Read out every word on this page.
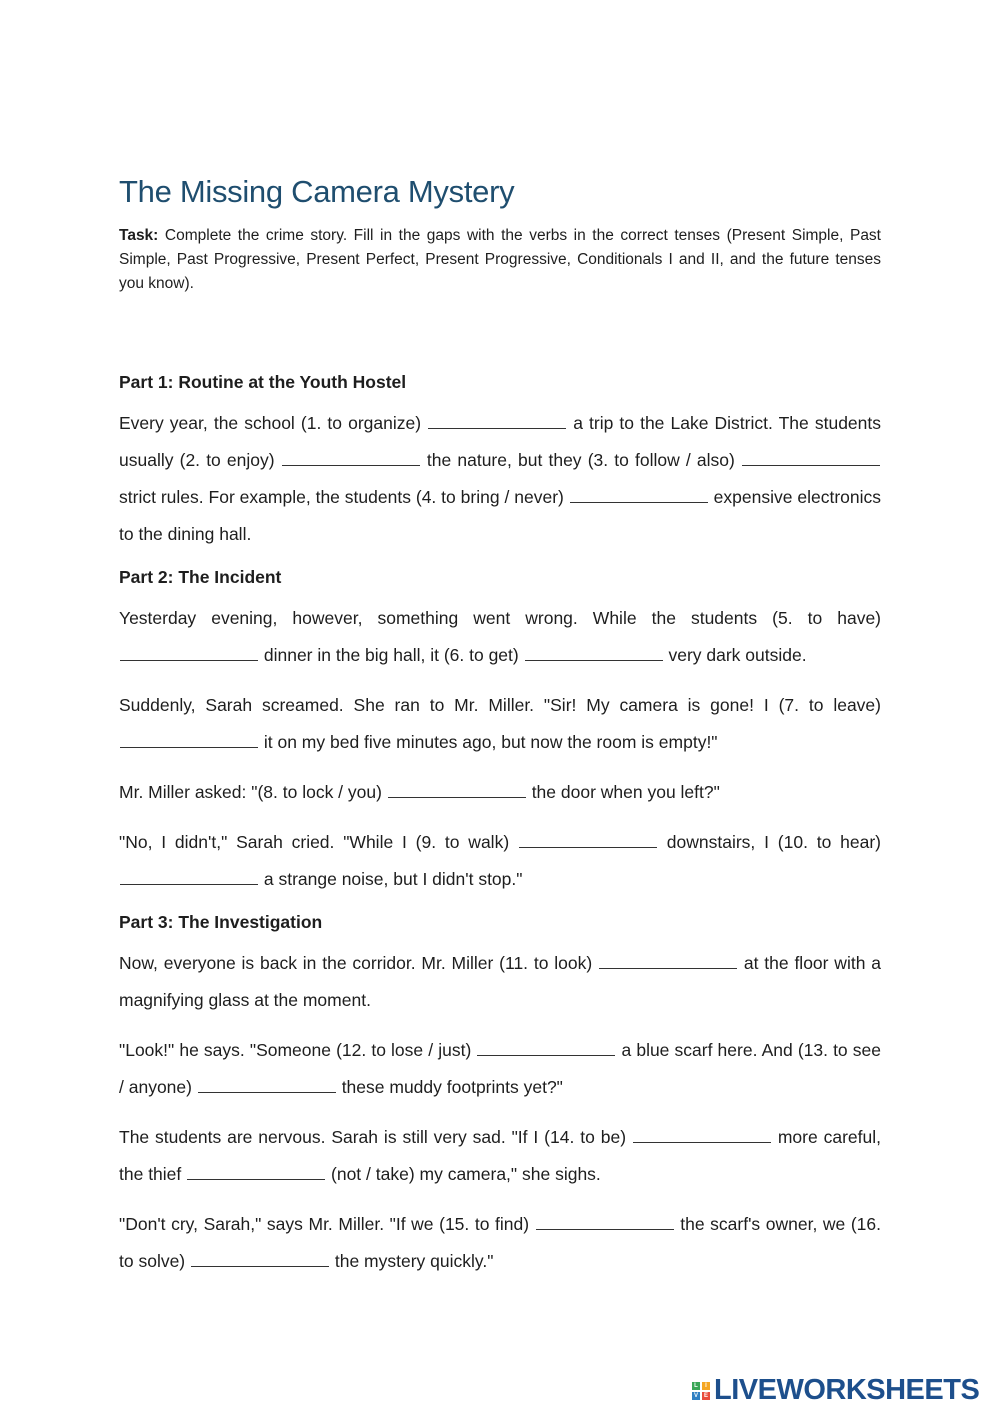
The Missing Camera Mystery

Task: Complete the crime story. Fill in the gaps with the verbs in the correct tenses (Present Simple, Past Simple, Past Progressive, Present Perfect, Present Progressive, Conditionals I and II, and the future tenses you know).

Part 1: Routine at the Youth Hostel

Every year, the school (1. to organize)	a trip to the Lake District. The students usually (2. to enjoy)	the nature, but they (3. to follow / also)  strict rules. For example, the students (4. to bring / never)	expensive electronics to the dining hall.

Part 2: The Incident

Yesterday evening, however, something went wrong. While the students (5. to have)  dinner in the big hall, it (6. to get)	very dark outside.

Suddenly, Sarah screamed. She ran to Mr. Miller. "Sir! My camera is gone! I (7. to leave)  it on my bed five minutes ago, but now the room is empty!"

Mr. Miller asked: "(8. to lock / you)	the door when you left?"

"No, I didn't," Sarah cried. "While I (9. to walk)	downstairs, I (10. to hear)  a strange noise, but I didn't stop."

Part 3: The Investigation

Now, everyone is back in the corridor. Mr. Miller (11. to look)	at the floor with a magnifying glass at the moment.

"Look!" he says. "Someone (12. to lose / just)	a blue scarf here. And (13. to see / anyone)	these muddy footprints yet?"

The students are nervous. Sarah is still very sad. "If I (14. to be)	more careful, the thief	(not / take) my camera," she sighs.

"Don't cry, Sarah," says Mr. Miller. "If we (15. to find)	the scarf's owner, we (16. to solve)	the mystery quickly."

L	I
V E LIVEWORKSHEETS
